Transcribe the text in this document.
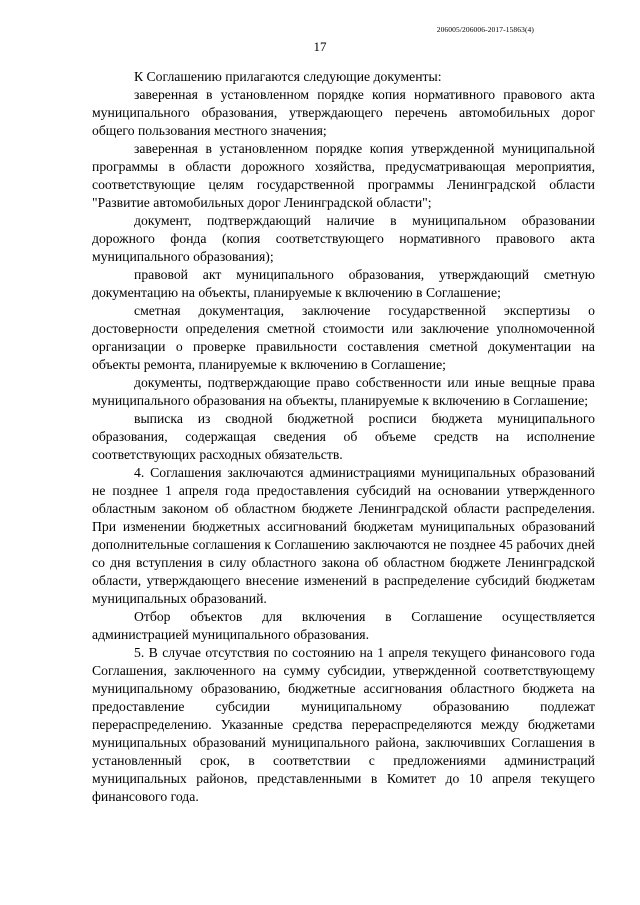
206005/206006-2017-15863(4)
17

К Соглашению прилагаются следующие документы:

заверенная в установленном порядке копия нормативного правового акта муниципального образования, утверждающего перечень автомобильных дорог общего пользования местного значения;

заверенная в установленном порядке копия утвержденной муниципальной программы в области дорожного хозяйства, предусматривающая мероприятия, соответствующие целям государственной программы Ленинградской области "Развитие автомобильных дорог Ленинградской области";

документ, подтверждающий наличие в муниципальном образовании дорожного фонда (копия соответствующего нормативного правового акта муниципального образования);

правовой акт муниципального образования, утверждающий сметную документацию на объекты, планируемые к включению в Соглашение;

сметная документация, заключение государственной экспертизы о достоверности определения сметной стоимости или заключение уполномоченной организации о проверке правильности составления сметной документации на объекты ремонта, планируемые к включению в Соглашение;

документы, подтверждающие право собственности или иные вещные права муниципального образования на объекты, планируемые к включению в Соглашение;

выписка из сводной бюджетной росписи бюджета муниципального образования, содержащая сведения об объеме средств на исполнение соответствующих расходных обязательств.

4. Соглашения заключаются администрациями муниципальных образований не позднее 1 апреля года предоставления субсидий на основании утвержденного областным законом об областном бюджете Ленинградской области распределения. При изменении бюджетных ассигнований бюджетам муниципальных образований дополнительные соглашения к Соглашению заключаются не позднее 45 рабочих дней со дня вступления в силу областного закона об областном бюджете Ленинградской области, утверждающего внесение изменений в распределение субсидий бюджетам муниципальных образований.

Отбор объектов для включения в Соглашение осуществляется администрацией муниципального образования.

5. В случае отсутствия по состоянию на 1 апреля текущего финансового года Соглашения, заключенного на сумму субсидии, утвержденной соответствующему муниципальному образованию, бюджетные ассигнования областного бюджета на предоставление субсидии муниципальному образованию подлежат перераспределению. Указанные средства перераспределяются между бюджетами муниципальных образований муниципального района, заключивших Соглашения в установленный срок, в соответствии с предложениями администраций муниципальных районов, представленными в Комитет до 10 апреля текущего финансового года.
